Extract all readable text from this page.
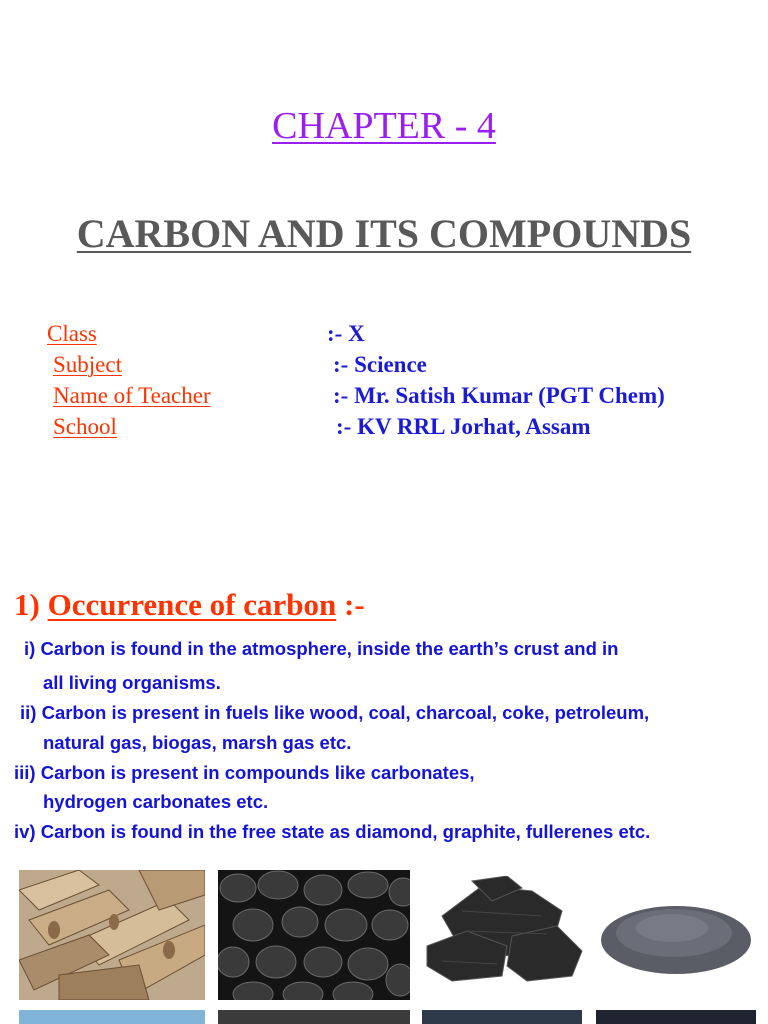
CHAPTER - 4
CARBON AND ITS COMPOUNDS
Class	:- X
Subject	:- Science
Name of Teacher	:- Mr. Satish Kumar (PGT Chem)
School	:- KV RRL Jorhat, Assam
1) Occurrence of carbon :-
i) Carbon is found in the atmosphere, inside the earth’s crust and in
all living organisms.
ii) Carbon is present in fuels like wood, coal, charcoal, coke, petroleum,
natural gas, biogas, marsh gas etc.
iii) Carbon is present in compounds like carbonates,
hydrogen carbonates etc.
iv) Carbon is found in the free state as diamond, graphite, fullerenes etc.
